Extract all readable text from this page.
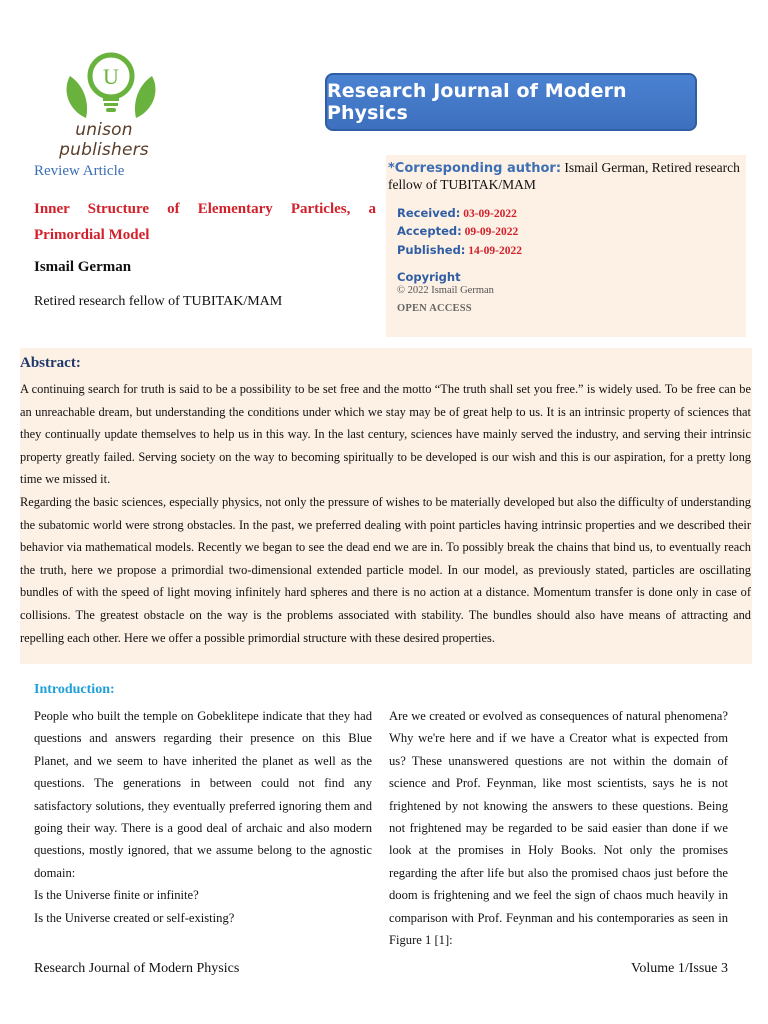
U
unison publishers
Research Journal of Modern Physics
Review Article
Inner Structure of Elementary Particles, a Primordial Model
Ismail German
Retired research fellow of TUBITAK/MAM
*Corresponding author: Ismail German, Retired research fellow of TUBITAK/MAM
Received: 03-09-2022
Accepted: 09-09-2022
Published: 14-09-2022
Copyright
© 2022 Ismail German
OPEN ACCESS
Abstract:

A continuing search for truth is said to be a possibility to be set free and the motto “The truth shall set you free.” is widely used. To be free can be an unreachable dream, but understanding the conditions under which we stay may be of great help to us. It is an intrinsic property of sciences that they continually update themselves to help us in this way. In the last century, sciences have mainly served the industry, and serving their intrinsic property greatly failed. Serving society on the way to becoming spiritually to be developed is our wish and this is our aspiration, for a pretty long time we missed it.

Regarding the basic sciences, especially physics, not only the pressure of wishes to be materially developed but also the difficulty of understanding the subatomic world were strong obstacles. In the past, we preferred dealing with point particles having intrinsic properties and we described their behavior via mathematical models. Recently we began to see the dead end we are in. To possibly break the chains that bind us, to eventually reach the truth, here we propose a primordial two-dimensional extended particle model. In our model, as previously stated, particles are oscillating bundles of with the speed of light moving infinitely hard spheres and there is no action at a distance. Momentum transfer is done only in case of collisions. The greatest obstacle on the way is the problems associated with stability. The bundles should also have means of attracting and repelling each other. Here we offer a possible primordial structure with these desired properties.

Introduction:

People who built the temple on Gobeklitepe indicate that they had questions and answers regarding their presence on this Blue Planet, and we seem to have inherited the planet as well as the questions. The generations in between could not find any satisfactory solutions, they eventually preferred ignoring them and going their way. There is a good deal of archaic and also modern questions, mostly ignored, that we assume belong to the agnostic domain:

Is the Universe finite or infinite?

Is the Universe created or self-existing?

Are we created or evolved as consequences of natural phenomena? Why we're here and if we have a Creator what is expected from us? These unanswered questions are not within the domain of science and Prof. Feynman, like most scientists, says he is not frightened by not knowing the answers to these questions. Being not frightened may be regarded to be said easier than done if we look at the promises in Holy Books. Not only the promises regarding the after life but also the promised chaos just before the doom is frightening and we feel the sign of chaos much heavily in comparison with Prof. Feynman and his contemporaries as seen in Figure 1 [1]:

Research Journal of Modern Physics	Volume 1/Issue 3
